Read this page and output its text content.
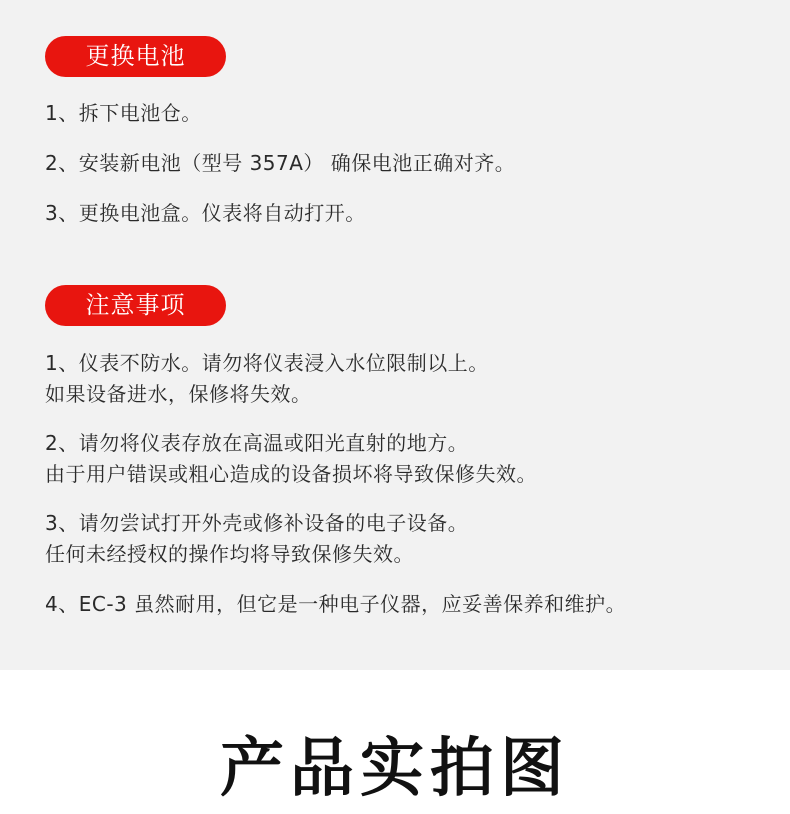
更换电池
1、拆下电池仓。
2、安装新电池（型号 357A） 确保电池正确对齐。
3、更换电池盒。仪表将自动打开。
注意事项
1、仪表不防水。请勿将仪表浸入水位限制以上。
如果设备进水，保修将失效。
2、请勿将仪表存放在高温或阳光直射的地方。
由于用户错误或粗心造成的设备损坏将导致保修失效。
3、请勿尝试打开外壳或修补设备的电子设备。
任何未经授权的操作均将导致保修失效。
4、EC-3 虽然耐用，但它是一种电子仪器，应妥善保养和维护。
产品实拍图
